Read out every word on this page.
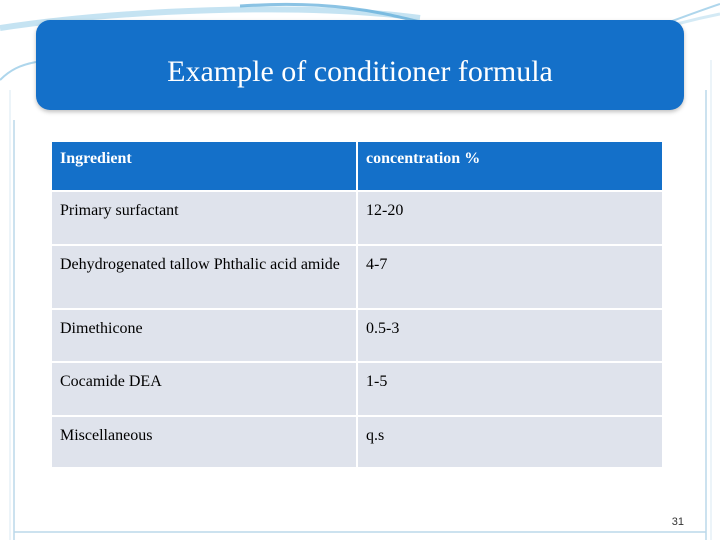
Example of conditioner formula
Ingredient	concentration %
Primary surfactant	12-20
Dehydrogenated tallow Phthalic acid amide	4-7
Dimethicone	0.5-3
Cocamide DEA	1-5
Miscellaneous	q.s
31
